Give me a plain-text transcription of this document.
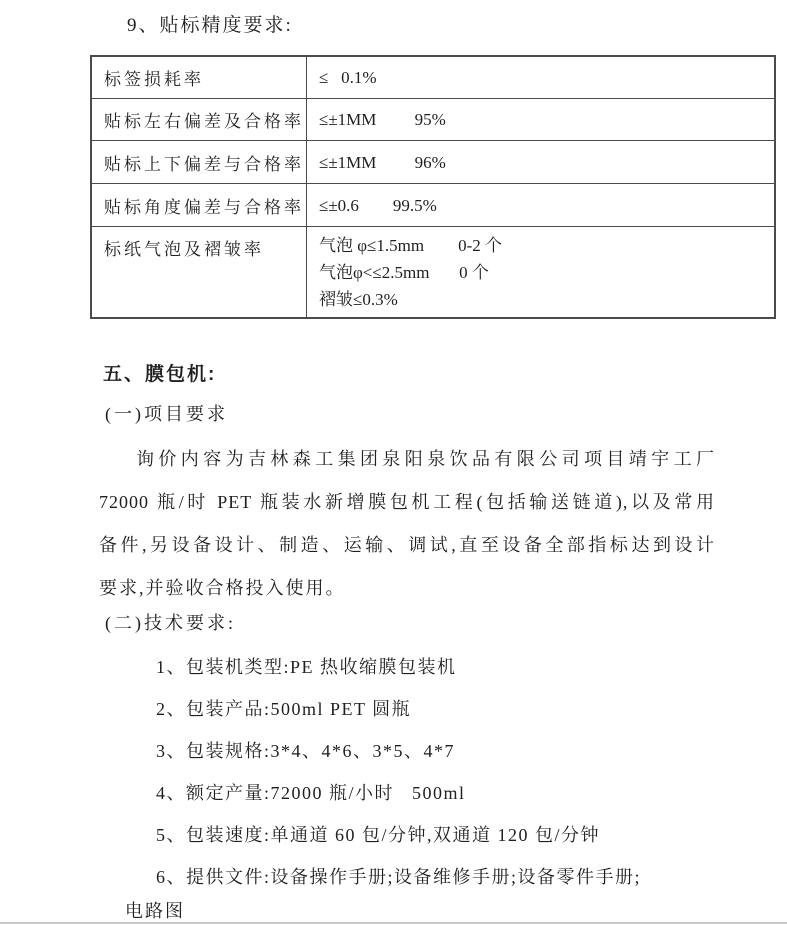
9、贴标精度要求:
标签损耗率	≤   0.1%

贴标左右偏差及合格率	≤±1MM         95%

贴标上下偏差与合格率	≤±1MM         96%

贴标角度偏差与合格率	≤±0.6        99.5%

标纸气泡及褶皱率	气泡 φ≤1.5mm        0-2 个
气泡φ<≤2.5mm       0 个
褶皱≤0.3%
五、膜包机:
(一)项目要求
询价内容为吉林森工集团泉阳泉饮品有限公司项目靖宇工厂
72000 瓶/时 PET 瓶装水新增膜包机工程(包括输送链道),以及常用
备件,另设备设计、制造、运输、调试,直至设备全部指标达到设计
要求,并验收合格投入使用。
(二)技术要求:
1、包装机类型:PE 热收缩膜包装机
2、包装产品:500ml PET 圆瓶
3、包装规格:3*4、4*6、3*5、4*7
4、额定产量:72000 瓶/小时   500ml
5、包装速度:单通道 60 包/分钟,双通道 120 包/分钟
6、提供文件:设备操作手册;设备维修手册;设备零件手册;
电路图
